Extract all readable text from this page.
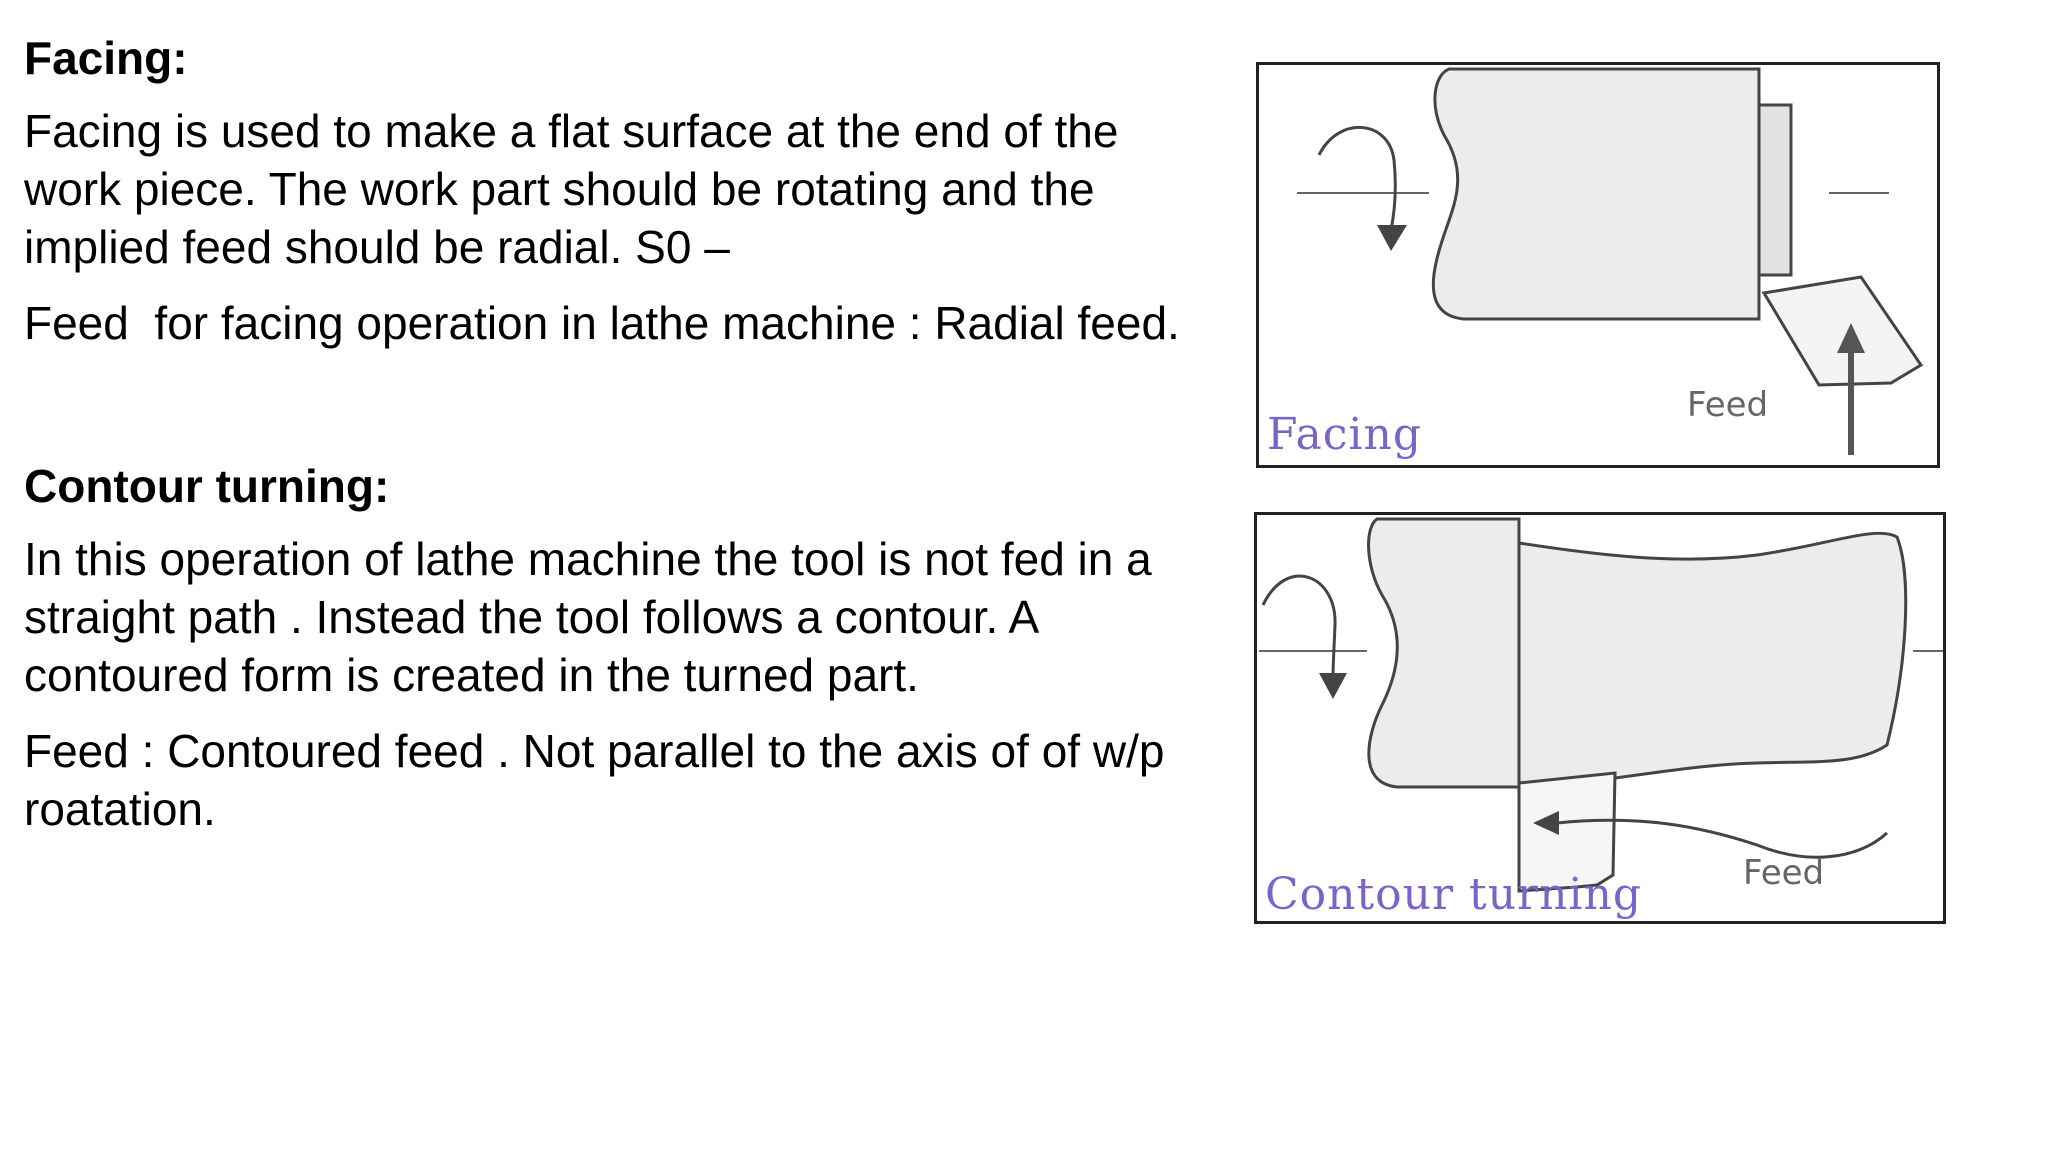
Facing:
Facing is used to make a flat surface at the end of the work piece. The work part should be rotating and the implied feed should be radial. S0 –
Feed  for facing operation in lathe machine : Radial feed.
Contour turning:
In this operation of lathe machine the tool is not fed in a straight path . Instead the tool follows a contour. A contoured form is created in the turned part.
Feed : Contoured feed . Not parallel to the axis of of w/p roatation.
Facing
Feed
Contour turning	Feed
